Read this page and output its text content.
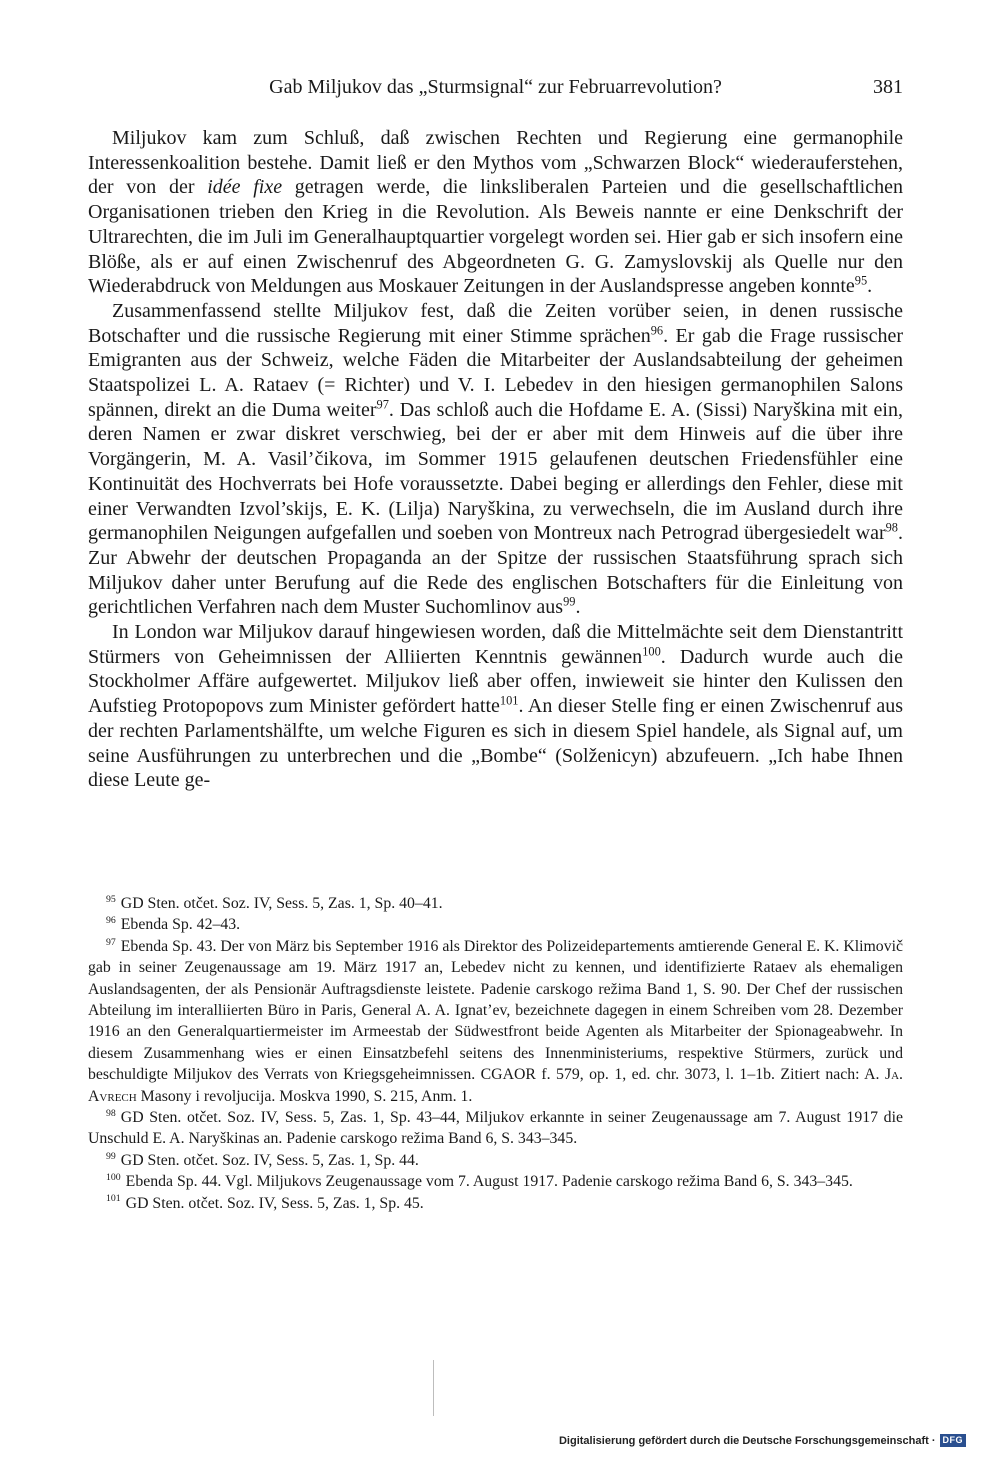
Gab Miljukov das „Sturmsignal“ zur Februarrevolution?	381

Miljukov kam zum Schluß, daß zwischen Rechten und Regierung eine germanophile Interessenkoalition bestehe. Damit ließ er den Mythos vom „Schwarzen Block“ wiederauferstehen, der von der idée fixe getragen werde, die linksliberalen Parteien und die gesellschaftlichen Organisationen trieben den Krieg in die Revolution. Als Beweis nannte er eine Denkschrift der Ultrarechten, die im Juli im Generalhauptquartier vorgelegt worden sei. Hier gab er sich insofern eine Blöße, als er auf einen Zwischenruf des Abgeordneten G. G. Zamyslovskij als Quelle nur den Wiederabdruck von Meldungen aus Moskauer Zeitungen in der Auslandspresse angeben konnte$^{95}$.

Zusammenfassend stellte Miljukov fest, daß die Zeiten vorüber seien, in denen russische Botschafter und die russische Regierung mit einer Stimme sprächen$^{96}$. Er gab die Frage russischer Emigranten aus der Schweiz, welche Fäden die Mitarbeiter der Auslandsabteilung der geheimen Staatspolizei L. A. Rataev (= Richter) und V. I. Lebedev in den hiesigen germanophilen Salons spännen, direkt an die Duma weiter$^{97}$. Das schloß auch die Hofdame E. A. (Sissi) Naryškina mit ein, deren Namen er zwar diskret verschwieg, bei der er aber mit dem Hinweis auf die über ihre Vorgängerin, M. A. Vasil’čikova, im Sommer 1915 gelaufenen deutschen Friedensfühler eine Kontinuität des Hochverrats bei Hofe voraussetzte. Dabei beging er allerdings den Fehler, diese mit einer Verwandten Izvol’skijs, E. K. (Lilja) Naryškina, zu verwechseln, die im Ausland durch ihre germanophilen Neigungen aufgefallen und soeben von Montreux nach Petrograd übergesiedelt war$^{98}$. Zur Abwehr der deutschen Propaganda an der Spitze der russischen Staatsführung sprach sich Miljukov daher unter Berufung auf die Rede des englischen Botschafters für die Einleitung von gerichtlichen Verfahren nach dem Muster Suchomlinov aus$^{99}$.

In London war Miljukov darauf hingewiesen worden, daß die Mittelmächte seit dem Dienstantritt Stürmers von Geheimnissen der Alliierten Kenntnis gewännen$^{100}$. Dadurch wurde auch die Stockholmer Affäre aufgewertet. Miljukov ließ aber offen, inwieweit sie hinter den Kulissen den Aufstieg Protopopovs zum Minister gefördert hatte$^{101}$. An dieser Stelle fing er einen Zwischenruf aus der rechten Parlamentshälfte, um welche Figuren es sich in diesem Spiel handele, als Signal auf, um seine Ausführungen zu unterbrechen und die „Bombe“ (Solženicyn) abzufeuern. „Ich habe Ihnen diese Leute ge-

$^{95}$ GD Sten. otčet. Soz. IV, Sess. 5, Zas. 1, Sp. 40–41.

$^{96}$ Ebenda Sp. 42–43.

$^{97}$ Ebenda Sp. 43. Der von März bis September 1916 als Direktor des Polizeidepartements amtierende General E. K. Klimovič gab in seiner Zeugenaussage am 19. März 1917 an, Lebedev nicht zu kennen, und identifizierte Rataev als ehemaligen Auslandsagenten, der als Pensionär Auftragsdienste leistete. Padenie carskogo režima Band 1, S. 90. Der Chef der russischen Abteilung im interalliierten Büro in Paris, General A. A. Ignat’ev, bezeichnete dagegen in einem Schreiben vom 28. Dezember 1916 an den Generalquartiermeister im Armeestab der Südwestfront beide Agenten als Mitarbeiter der Spionageabwehr. In diesem Zusammenhang wies er einen Einsatzbefehl seitens des Innenministeriums, respektive Stürmers, zurück und beschuldigte Miljukov des Verrats von Kriegsgeheimnissen. CGAOR f. 579, op. 1, ed. chr. 3073, l. 1–1b. Zitiert nach: A. Ja. Avrech Masony i revoljucija. Moskva 1990, S. 215, Anm. 1.

$^{98}$ GD Sten. otčet. Soz. IV, Sess. 5, Zas. 1, Sp. 43–44, Miljukov erkannte in seiner Zeugenaussage am 7. August 1917 die Unschuld E. A. Naryškinas an. Padenie carskogo režima Band 6, S. 343–345.

$^{99}$ GD Sten. otčet. Soz. IV, Sess. 5, Zas. 1, Sp. 44.

$^{100}$ Ebenda Sp. 44. Vgl. Miljukovs Zeugenaussage vom 7. August 1917. Padenie carskogo režima Band 6, S. 343–345.

$^{101}$ GD Sten. otčet. Soz. IV, Sess. 5, Zas. 1, Sp. 45.

Digitalisierung gefördert durch die Deutsche Forschungsgemeinschaft · DFG
